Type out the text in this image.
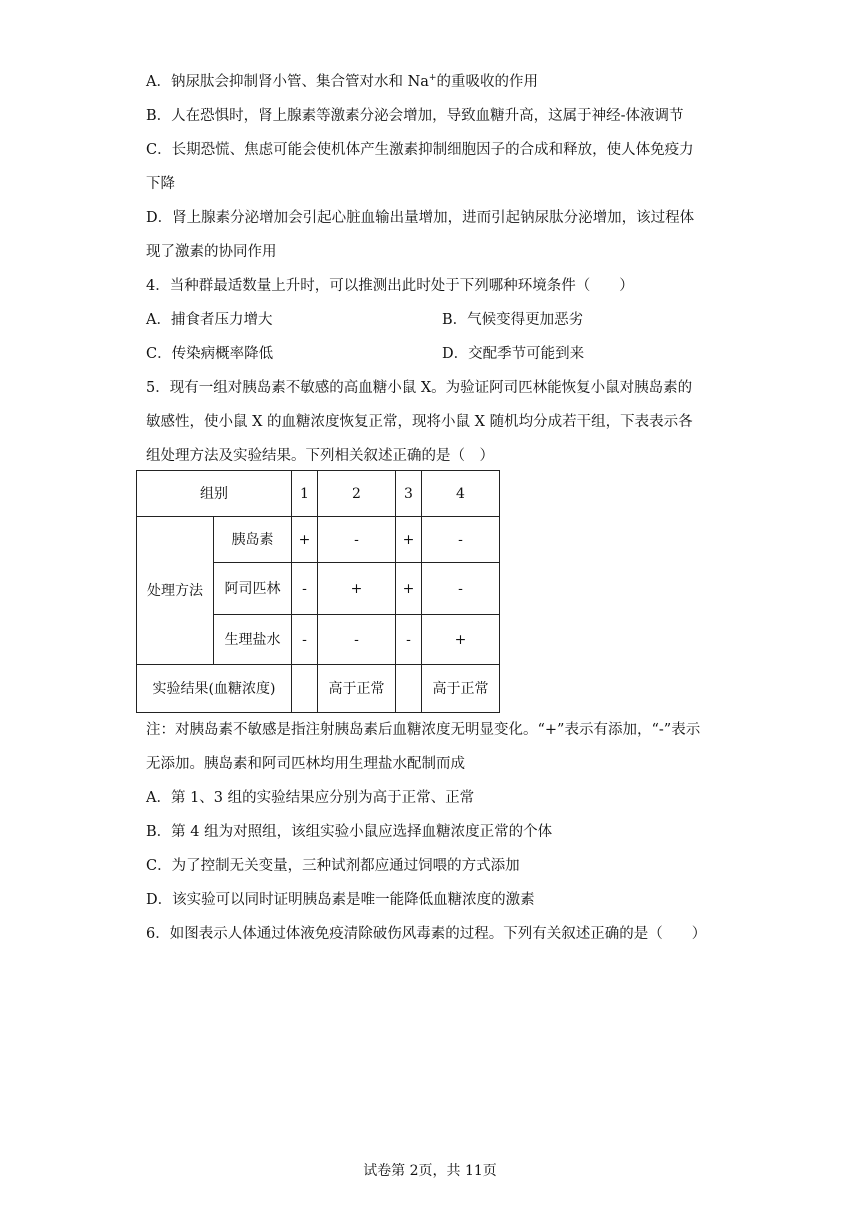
A．钠尿肽会抑制肾小管、集合管对水和 Na+的重吸收的作用
B．人在恐惧时，肾上腺素等激素分泌会增加，导致血糖升高，这属于神经-体液调节
C．长期恐慌、焦虑可能会使机体产生激素抑制细胞因子的合成和释放，使人体免疫力
下降
D．肾上腺素分泌增加会引起心脏血输出量增加，进而引起钠尿肽分泌增加，该过程体
现了激素的协同作用
4．当种群最适数量上升时，可以推测出此时处于下列哪种环境条件（　　）
A．捕食者压力增大	B．气候变得更加恶劣
C．传染病概率降低	D．交配季节可能到来
5．现有一组对胰岛素不敏感的高血糖小鼠 X。为验证阿司匹林能恢复小鼠对胰岛素的
敏感性，使小鼠 X 的血糖浓度恢复正常，现将小鼠 X 随机均分成若干组，下表表示各
组处理方法及实验结果。下列相关叙述正确的是（　）
组别		1	2	3	4
处理方法	胰岛素	+	-	+	-
	阿司匹林	-	+	+	-
	生理盐水	-	-	-	+
实验结果(血糖浓度)			高于正常		高于正常
注：对胰岛素不敏感是指注射胰岛素后血糖浓度无明显变化。“+”表示有添加，“-”表示
无添加。胰岛素和阿司匹林均用生理盐水配制而成
A．第 1、3 组的实验结果应分别为高于正常、正常
B．第 4 组为对照组，该组实验小鼠应选择血糖浓度正常的个体
C．为了控制无关变量，三种试剂都应通过饲喂的方式添加
D．该实验可以同时证明胰岛素是唯一能降低血糖浓度的激素
6．如图表示人体通过体液免疫清除破伤风毒素的过程。下列有关叙述正确的是（　　）
试卷第 2页，共 11页
